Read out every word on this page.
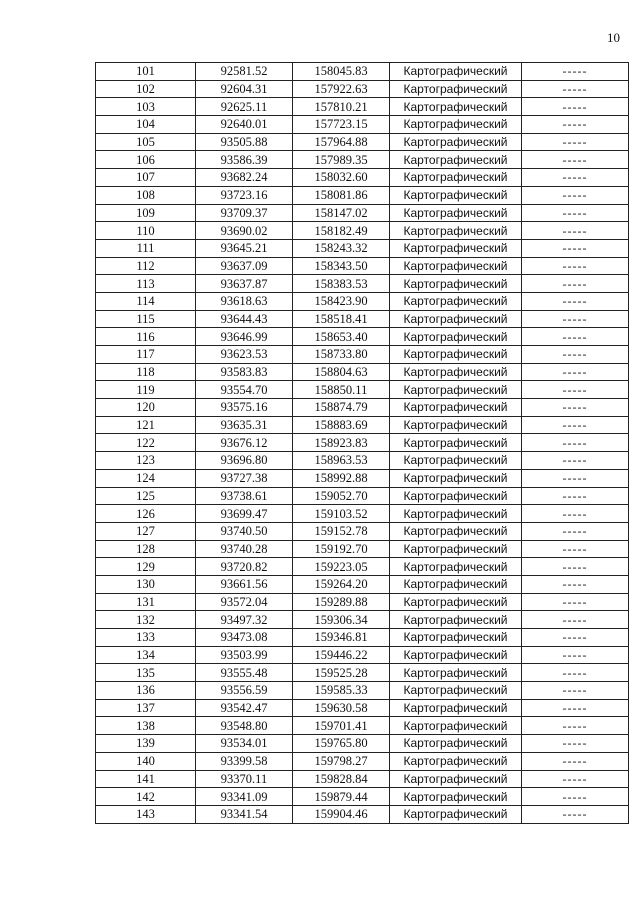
10
101	92581.52	158045.83	Картографический	-----
102	92604.31	157922.63	Картографический	-----
103	92625.11	157810.21	Картографический	-----
104	92640.01	157723.15	Картографический	-----
105	93505.88	157964.88	Картографический	-----
106	93586.39	157989.35	Картографический	-----
107	93682.24	158032.60	Картографический	-----
108	93723.16	158081.86	Картографический	-----
109	93709.37	158147.02	Картографический	-----
110	93690.02	158182.49	Картографический	-----
111	93645.21	158243.32	Картографический	-----
112	93637.09	158343.50	Картографический	-----
113	93637.87	158383.53	Картографический	-----
114	93618.63	158423.90	Картографический	-----
115	93644.43	158518.41	Картографический	-----
116	93646.99	158653.40	Картографический	-----
117	93623.53	158733.80	Картографический	-----
118	93583.83	158804.63	Картографический	-----
119	93554.70	158850.11	Картографический	-----
120	93575.16	158874.79	Картографический	-----
121	93635.31	158883.69	Картографический	-----
122	93676.12	158923.83	Картографический	-----
123	93696.80	158963.53	Картографический	-----
124	93727.38	158992.88	Картографический	-----
125	93738.61	159052.70	Картографический	-----
126	93699.47	159103.52	Картографический	-----
127	93740.50	159152.78	Картографический	-----
128	93740.28	159192.70	Картографический	-----
129	93720.82	159223.05	Картографический	-----
130	93661.56	159264.20	Картографический	-----
131	93572.04	159289.88	Картографический	-----
132	93497.32	159306.34	Картографический	-----
133	93473.08	159346.81	Картографический	-----
134	93503.99	159446.22	Картографический	-----
135	93555.48	159525.28	Картографический	-----
136	93556.59	159585.33	Картографический	-----
137	93542.47	159630.58	Картографический	-----
138	93548.80	159701.41	Картографический	-----
139	93534.01	159765.80	Картографический	-----
140	93399.58	159798.27	Картографический	-----
141	93370.11	159828.84	Картографический	-----
142	93341.09	159879.44	Картографический	-----
143	93341.54	159904.46	Картографический	-----
